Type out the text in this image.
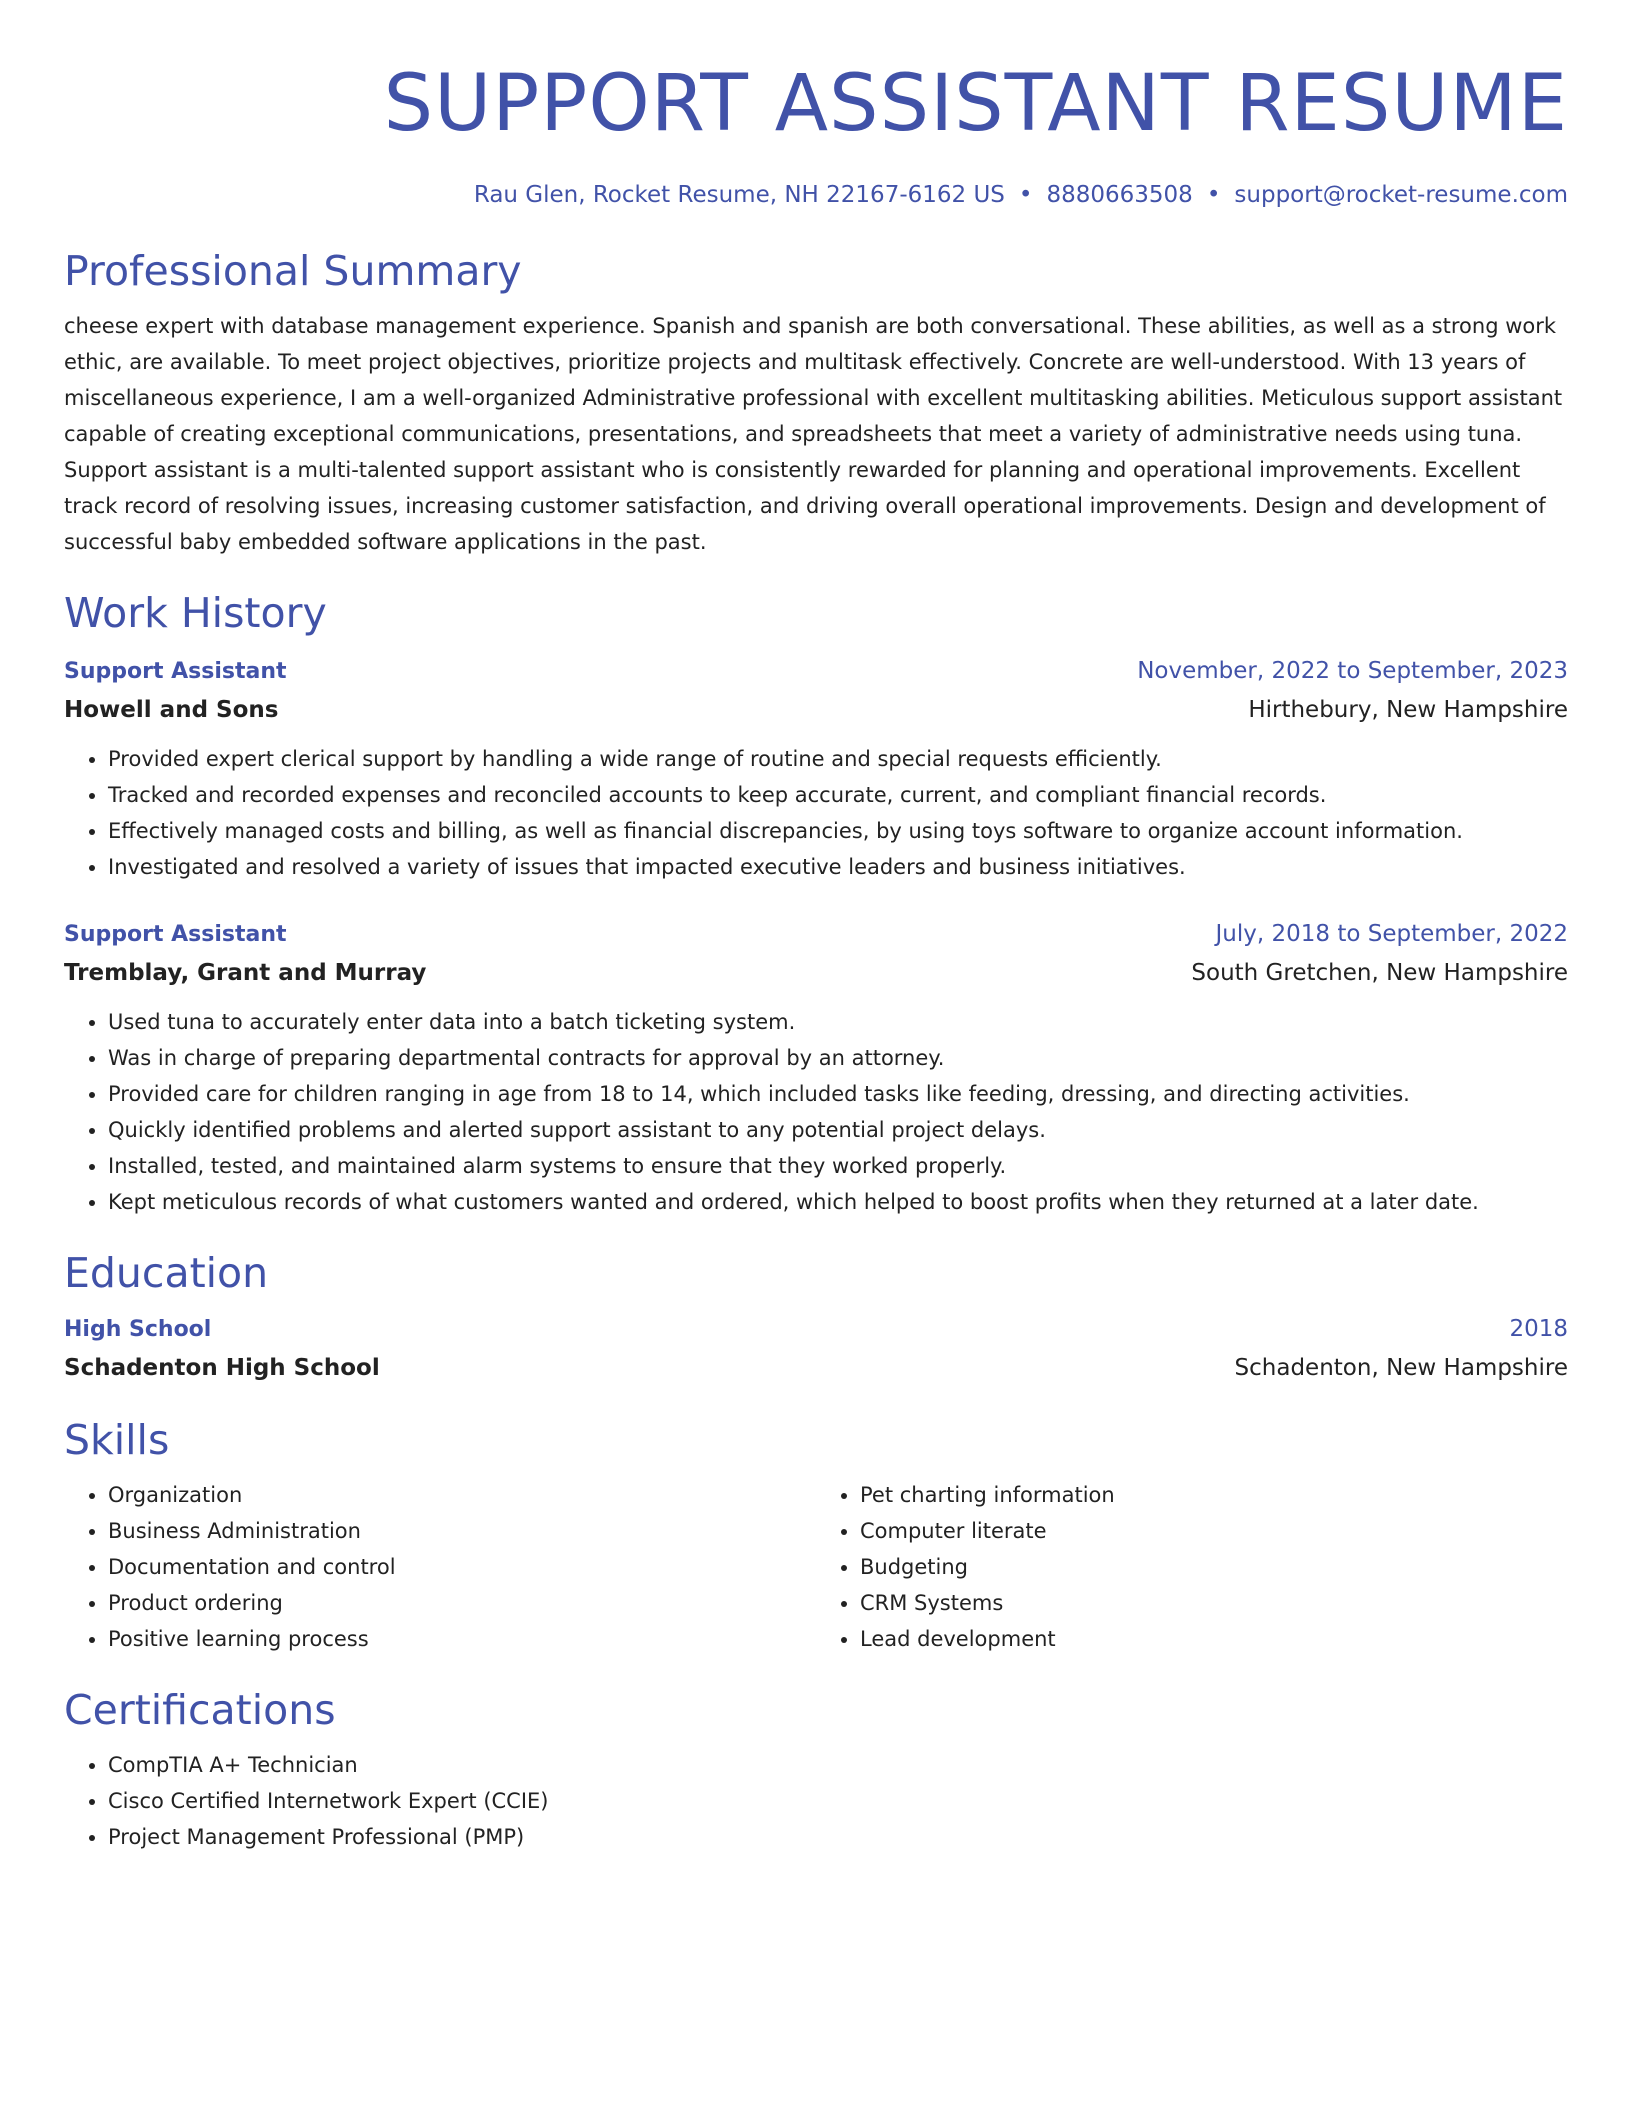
SUPPORT ASSISTANT RESUME
Rau Glen, Rocket Resume, NH 22167-6162 US • 8880663508 • support@rocket-resume.com
Professional Summary
cheese expert with database management experience. Spanish and spanish are both conversational. These abilities, as well as a strong work ethic, are available. To meet project objectives, prioritize projects and multitask effectively. Concrete are well-understood. With 13 years of miscellaneous experience, I am a well-organized Administrative professional with excellent multitasking abilities. Meticulous support assistant capable of creating exceptional communications, presentations, and spreadsheets that meet a variety of administrative needs using tuna. Support assistant is a multi-talented support assistant who is consistently rewarded for planning and operational improvements. Excellent track record of resolving issues, increasing customer satisfaction, and driving overall operational improvements. Design and development of successful baby embedded software applications in the past.
Work History
Support Assistant	November, 2022 to September, 2023
Howell and Sons	Hirthebury, New Hampshire
• Provided expert clerical support by handling a wide range of routine and special requests efficiently.
• Tracked and recorded expenses and reconciled accounts to keep accurate, current, and compliant financial records.
• Effectively managed costs and billing, as well as financial discrepancies, by using toys software to organize account information.
• Investigated and resolved a variety of issues that impacted executive leaders and business initiatives.
Support Assistant	July, 2018 to September, 2022
Tremblay, Grant and Murray	South Gretchen, New Hampshire
• Used tuna to accurately enter data into a batch ticketing system.
• Was in charge of preparing departmental contracts for approval by an attorney.
• Provided care for children ranging in age from 18 to 14, which included tasks like feeding, dressing, and directing activities.
• Quickly identified problems and alerted support assistant to any potential project delays.
• Installed, tested, and maintained alarm systems to ensure that they worked properly.
• Kept meticulous records of what customers wanted and ordered, which helped to boost profits when they returned at a later date.
Education
High School	2018
Schadenton High School	Schadenton, New Hampshire
Skills
• Organization
• Business Administration
• Documentation and control
• Product ordering
• Positive learning process
• Pet charting information
• Computer literate
• Budgeting
• CRM Systems
• Lead development
Certifications
• CompTIA A+ Technician
• Cisco Certified Internetwork Expert (CCIE)
• Project Management Professional (PMP)
